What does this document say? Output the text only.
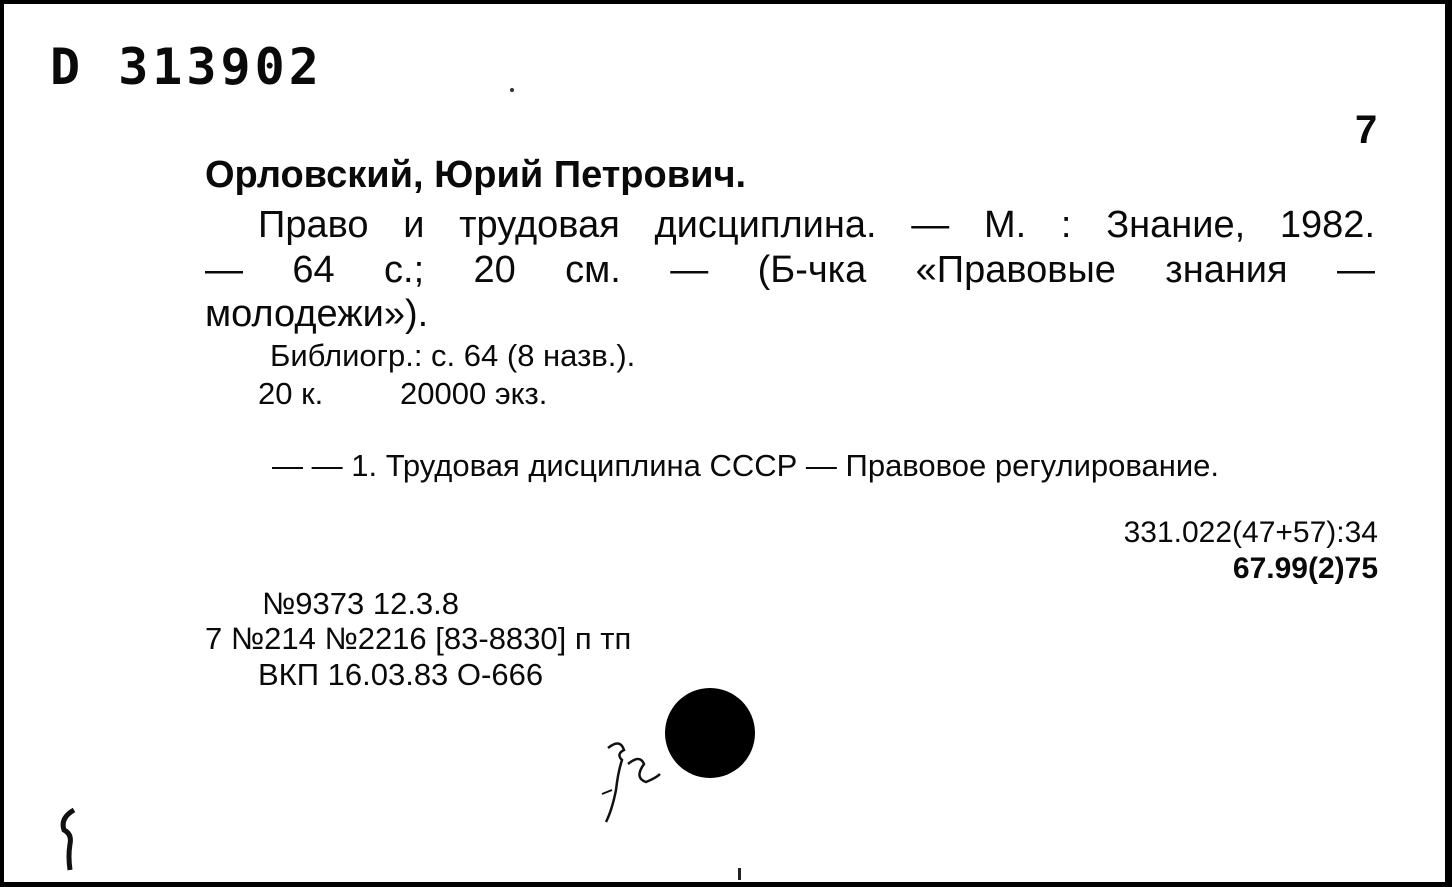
D 313902
7
Орловский, Юрий Петрович.
Право и трудовая дисциплина. — М. : Знание, 1982.
— 64 с.; 20 см. — (Б-чка «Правовые знания —
молодежи»).
Библиогр.: с. 64 (8 назв.).
20 к. 20000 экз.
— — 1. Трудовая дисциплина СССР — Правовое регулирование.
331.022(47+57):34
67.99(2)75
№9373 12.3.8
7 №214 №2216 [83-8830] п тп
ВКП 16.03.83 О-666
